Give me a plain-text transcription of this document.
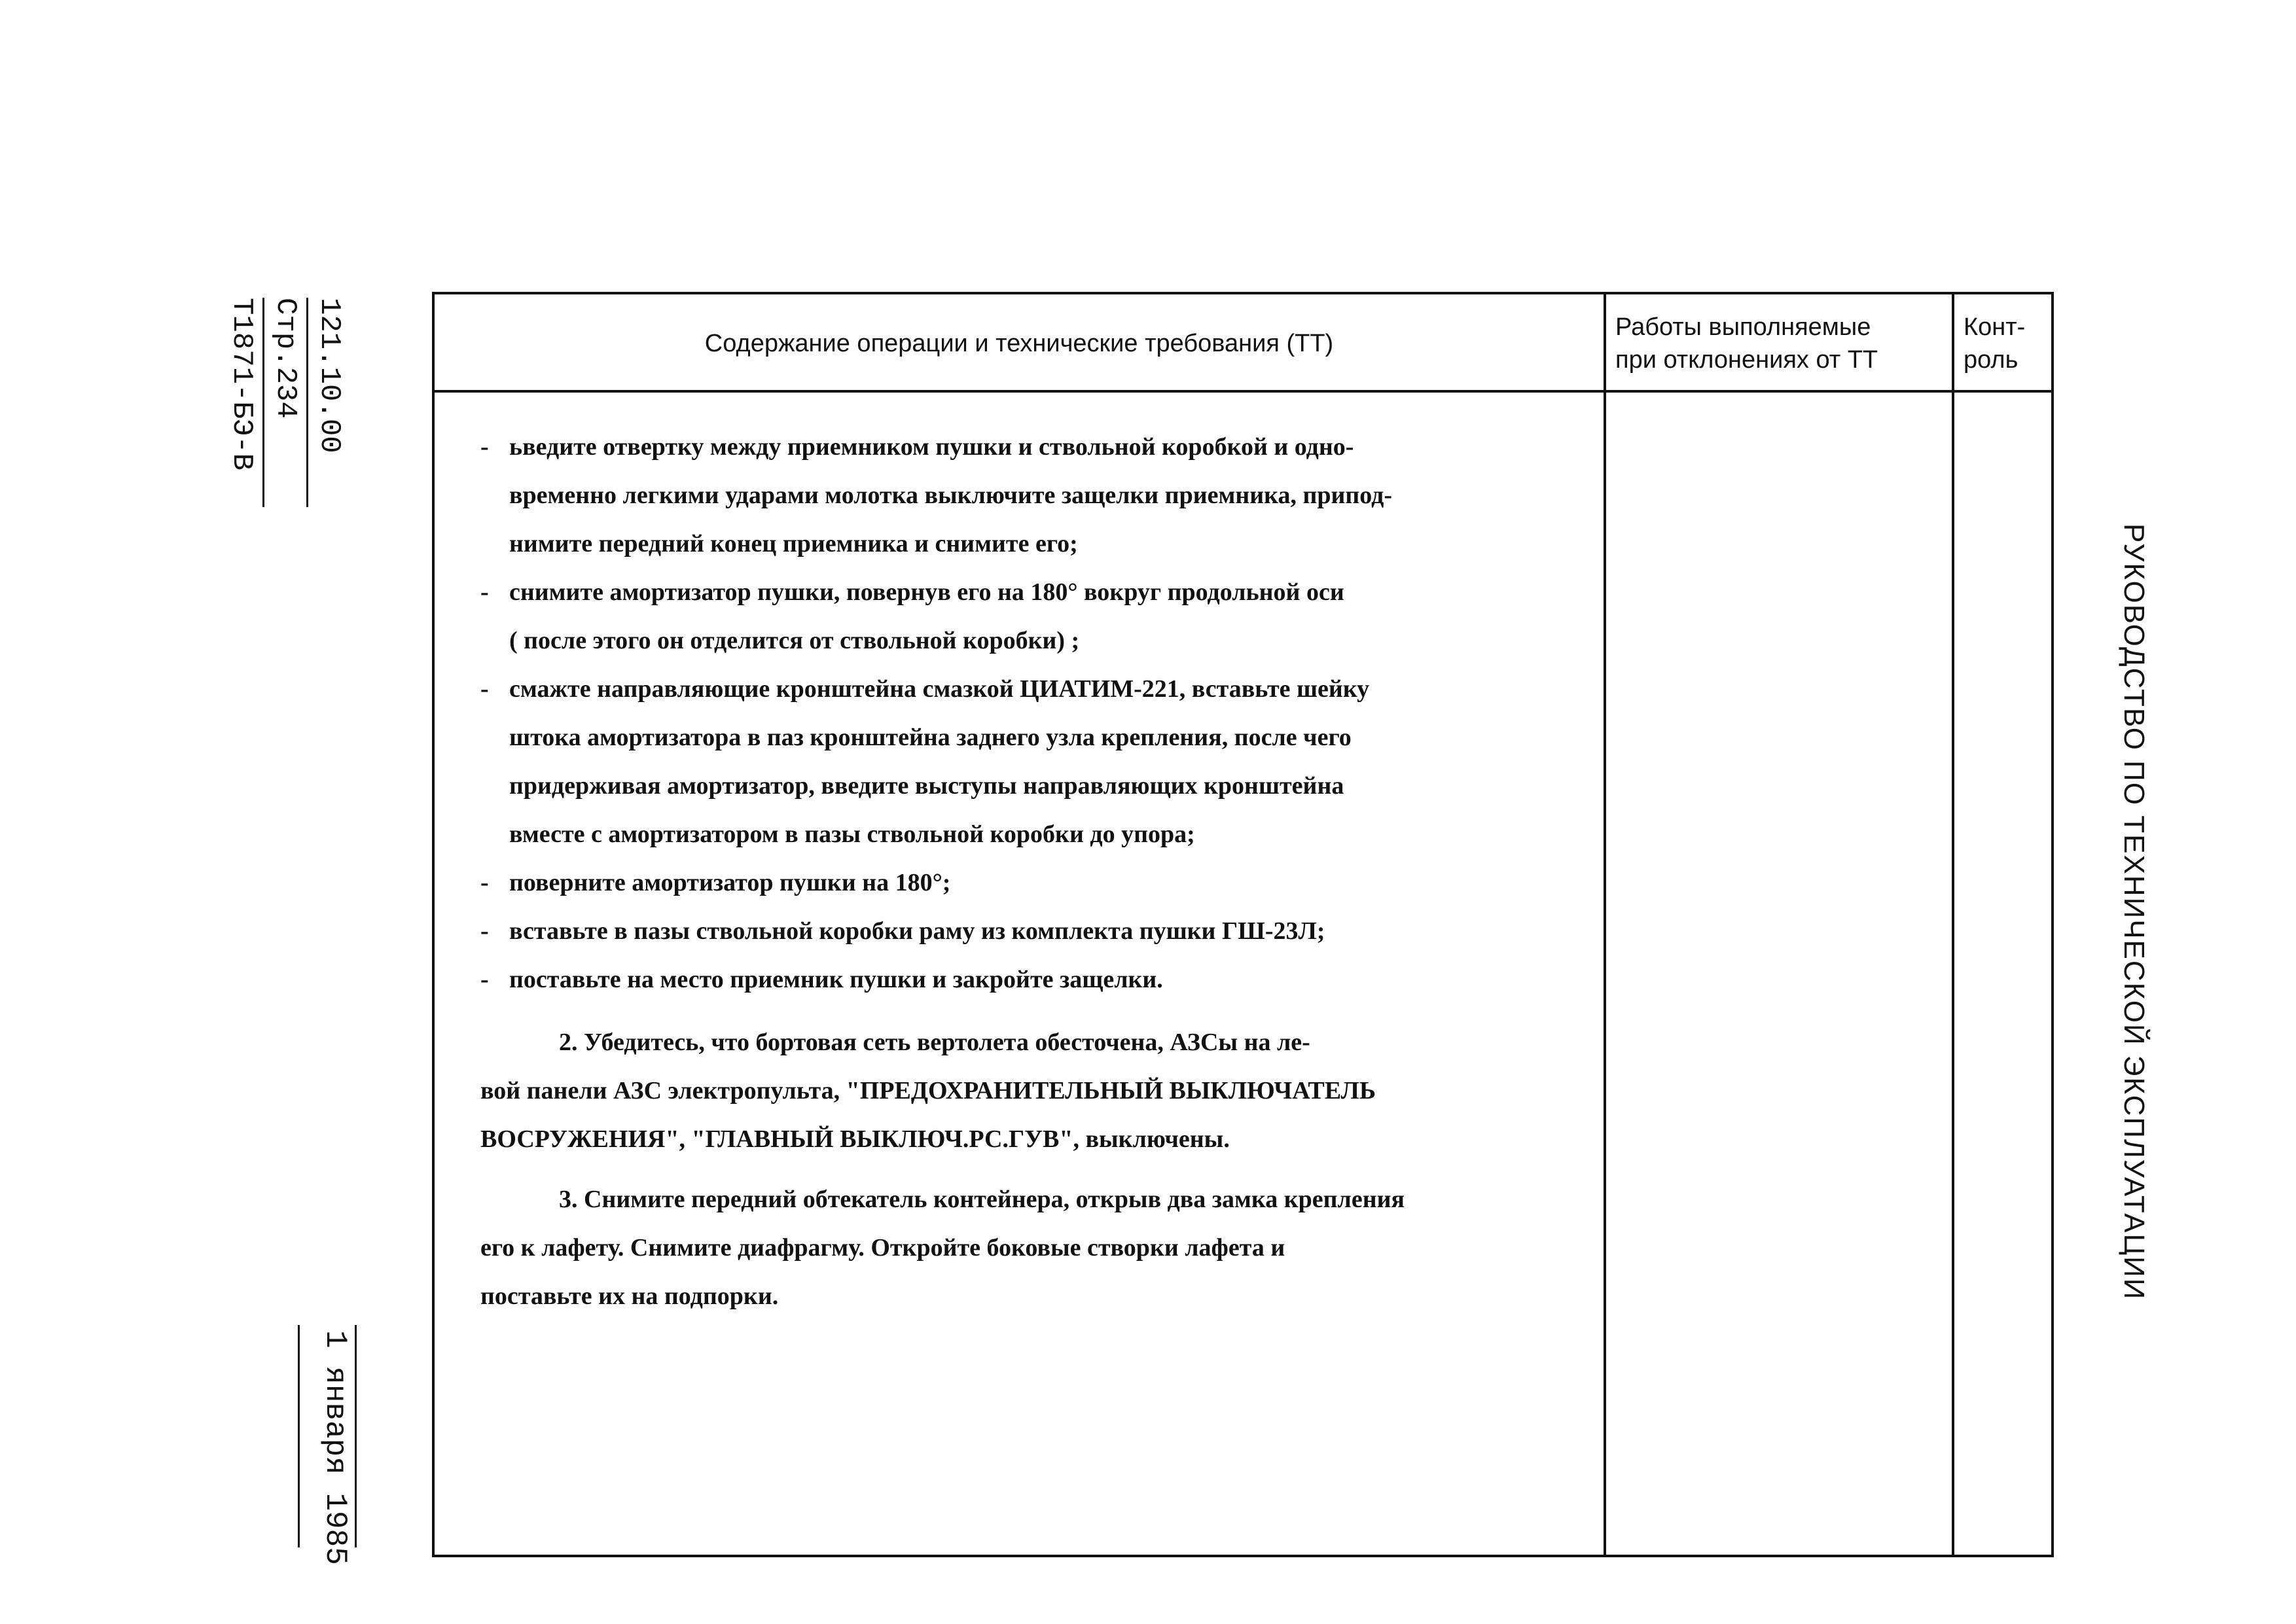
121.10.00
Стр.234
Т1871-БЭ-В
1 января 1985
РУКОВОДСТВО ПО ТЕХНИЧЕСКОЙ ЭКСПЛУАТАЦИИ
Содержание операции и технические требования (ТТ)
Работы выполняемые
при отклонениях от ТТ
Конт-
роль
- ьведите отвертку между приемником пушки и ствольной коробкой и одно-
временно легкими ударами молотка выключите защелки приемника, припод-
нимите передний конец приемника и снимите его;
- снимите амортизатор пушки, повернув его на 180° вокруг продольной оси
( после этого он отделится от ствольной коробки) ;
- смажте направляющие кронштейна смазкой ЦИАТИМ-221, вставьте шейку
штока амортизатора в паз кронштейна заднего узла крепления, после чего
придерживая амортизатор, введите выступы направляющих кронштейна
вместе с амортизатором в пазы ствольной коробки до упора;
- поверните амортизатор пушки на 180°;
- вставьте в пазы ствольной коробки раму из комплекта пушки ГШ-23Л;
- поставьте на место приемник пушки и закройте защелки.
2. Убедитесь, что бортовая сеть вертолета обесточена, АЗСы на ле-
вой панели АЗС электропульта, "ПРЕДОХРАНИТЕЛЬНЫЙ ВЫКЛЮЧАТЕЛЬ
ВОСРУЖЕНИЯ", "ГЛАВНЫЙ ВЫКЛЮЧ.РС.ГУВ", выключены.
3. Снимите передний обтекатель контейнера, открыв два замка крепления
его к лафету. Снимите диафрагму. Откройте боковые створки лафета и
поставьте их на подпорки.
